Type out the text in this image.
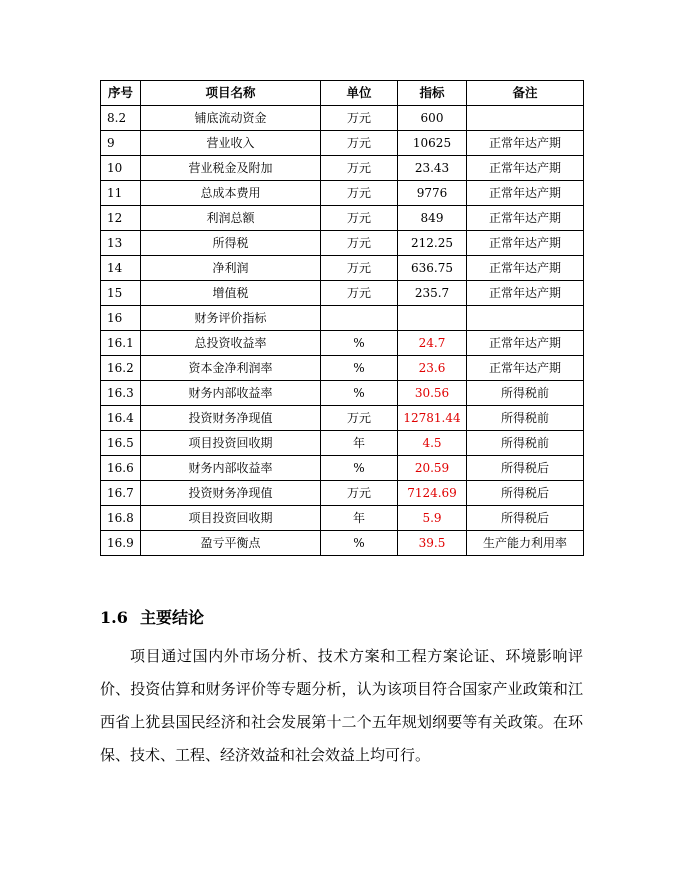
序号	项目名称	单位	指标	备注
8.2	铺底流动资金	万元	600	
9	营业收入	万元	10625	正常年达产期
10	营业税金及附加	万元	23.43	正常年达产期
11	总成本费用	万元	9776	正常年达产期
12	利润总额	万元	849	正常年达产期
13	所得税	万元	212.25	正常年达产期
14	净利润	万元	636.75	正常年达产期
15	增值税	万元	235.7	正常年达产期
16	财务评价指标			
16.1	总投资收益率	%	24.7	正常年达产期
16.2	资本金净利润率	%	23.6	正常年达产期
16.3	财务内部收益率	%	30.56	所得税前
16.4	投资财务净现值	万元	12781.44	所得税前
16.5	项目投资回收期	年	4.5	所得税前
16.6	财务内部收益率	%	20.59	所得税后
16.7	投资财务净现值	万元	7124.69	所得税后
16.8	项目投资回收期	年	5.9	所得税后
16.9	盈亏平衡点	%	39.5	生产能力利用率
1.6 主要结论

项目通过国内外市场分析、技术方案和工程方案论证、环境影响评价、投资估算和财务评价等专题分析，认为该项目符合国家产业政策和江西省上犹县国民经济和社会发展第十二个五年规划纲要等有关政策。在环保、技术、工程、经济效益和社会效益上均可行。
